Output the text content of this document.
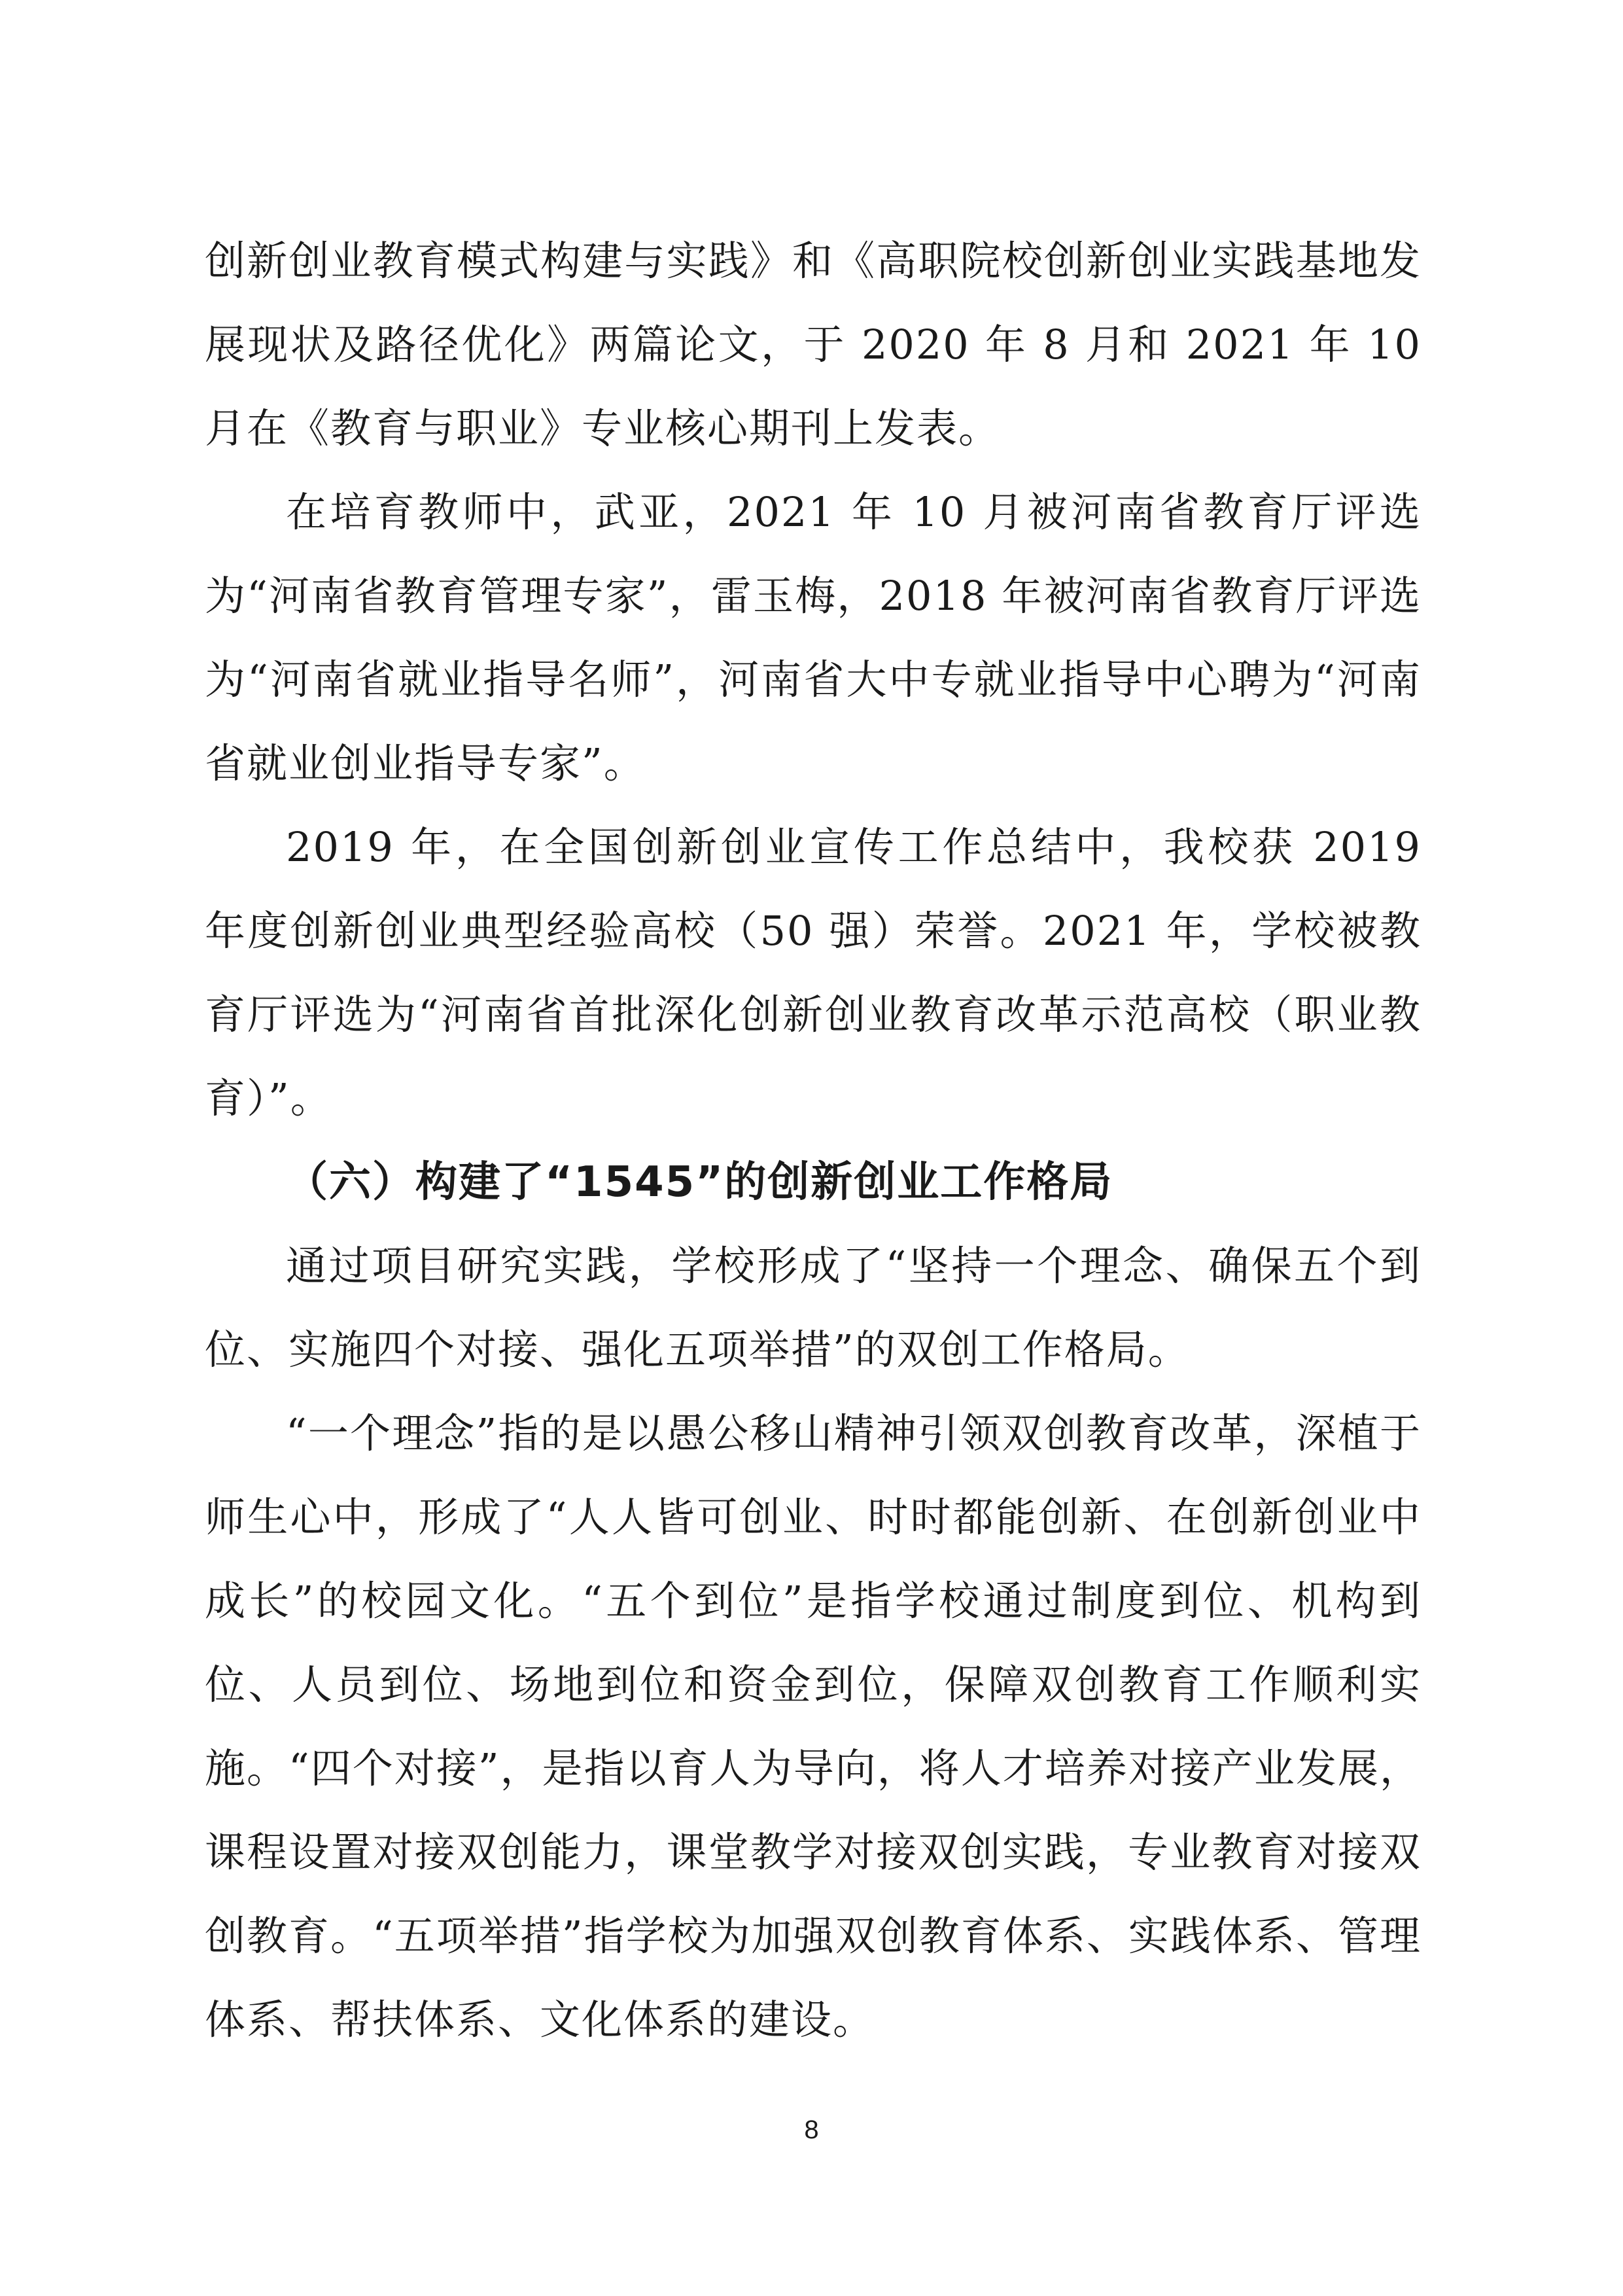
创新创业教育模式构建与实践》和《高职院校创新创业实践基地发展现状及路径优化》两篇论文，于 2020 年 8 月和 2021 年 10 月在《教育与职业》专业核心期刊上发表。

在培育教师中，武亚，2021 年 10 月被河南省教育厅评选为“河南省教育管理专家”，雷玉梅，2018 年被河南省教育厅评选为“河南省就业指导名师”，河南省大中专就业指导中心聘为“河南省就业创业指导专家”。

2019 年，在全国创新创业宣传工作总结中，我校获 2019 年度创新创业典型经验高校（50 强）荣誉。2021 年，学校被教育厅评选为“河南省首批深化创新创业教育改革示范高校（职业教育）”。

（六）构建了“1545”的创新创业工作格局

通过项目研究实践，学校形成了“坚持一个理念、确保五个到位、实施四个对接、强化五项举措”的双创工作格局。

“一个理念”指的是以愚公移山精神引领双创教育改革，深植于师生心中，形成了“人人皆可创业、时时都能创新、在创新创业中成长”的校园文化。“五个到位”是指学校通过制度到位、机构到位、人员到位、场地到位和资金到位，保障双创教育工作顺利实施。“四个对接”，是指以育人为导向，将人才培养对接产业发展，课程设置对接双创能力，课堂教学对接双创实践，专业教育对接双创教育。“五项举措”指学校为加强双创教育体系、实践体系、管理体系、帮扶体系、文化体系的建设。

8
